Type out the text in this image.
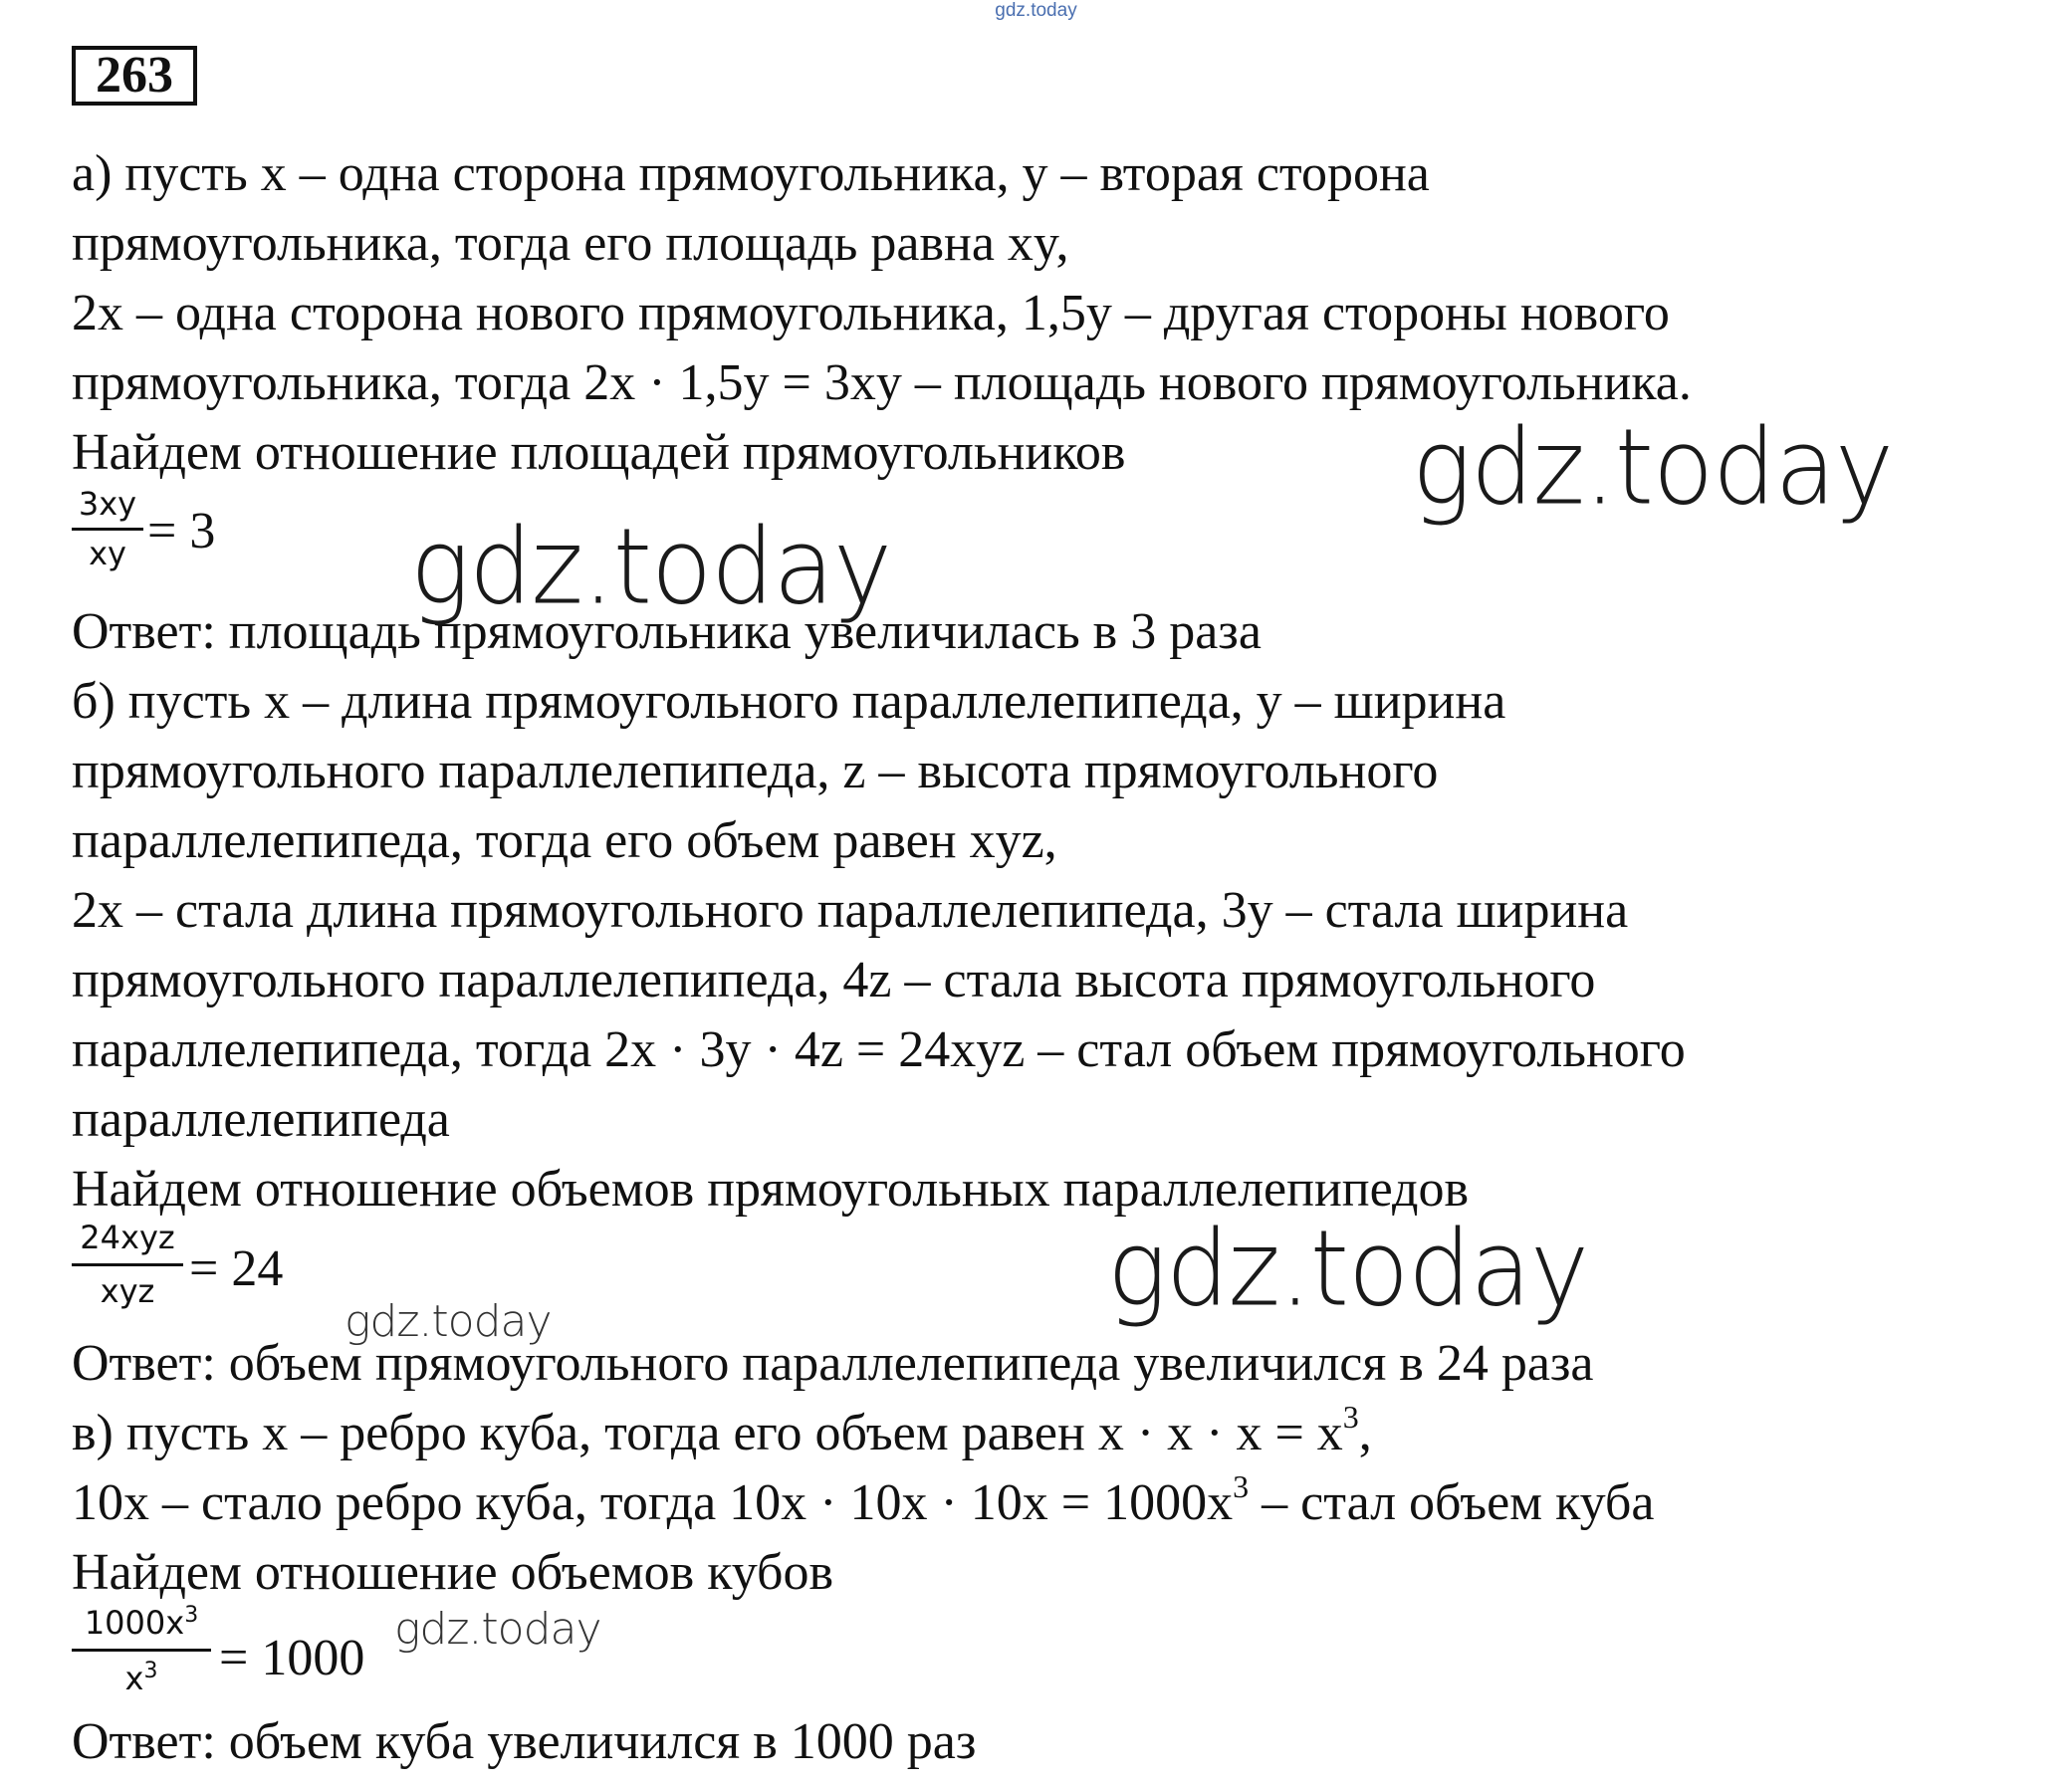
gdz.today
263
а) пусть x – одна сторона прямоугольника, y – вторая сторона
прямоугольника, тогда его площадь равна xy,
2x – одна сторона нового прямоугольника, 1,5y – другая стороны нового
прямоугольника, тогда 2x · 1,5y = 3xy – площадь нового прямоугольника.
Найдем отношение площадей прямоугольников
3xy
xy = 3
Ответ: площадь прямоугольника увеличилась в 3 раза
б) пусть x – длина прямоугольного параллелепипеда, y – ширина
прямоугольного параллелепипеда, z – высота прямоугольного
параллелепипеда, тогда его объем равен xyz,
2x – стала длина прямоугольного параллелепипеда, 3y – стала ширина
прямоугольного параллелепипеда, 4z – стала высота прямоугольного
параллелепипеда, тогда 2x · 3y · 4z = 24xyz – стал объем прямоугольного
параллелепипеда
Найдем отношение объемов прямоугольных параллелепипедов
24xyz
xyz = 24
Ответ: объем прямоугольного параллелепипеда увеличился в 24 раза
в) пусть x – ребро куба, тогда его объем равен $x \cdot x \cdot x = x^3$,
10x – стало ребро куба, тогда $10x \cdot 10x \cdot 10x = 1000x^3$ – стал объем куба
Найдем отношение объемов кубов
$1000x^3$
$x^3$	= 1000
Ответ: объем куба увеличился в 1000 раз
gdz.today
gdz.today
gdz.today
gdz.today
gdz.today
